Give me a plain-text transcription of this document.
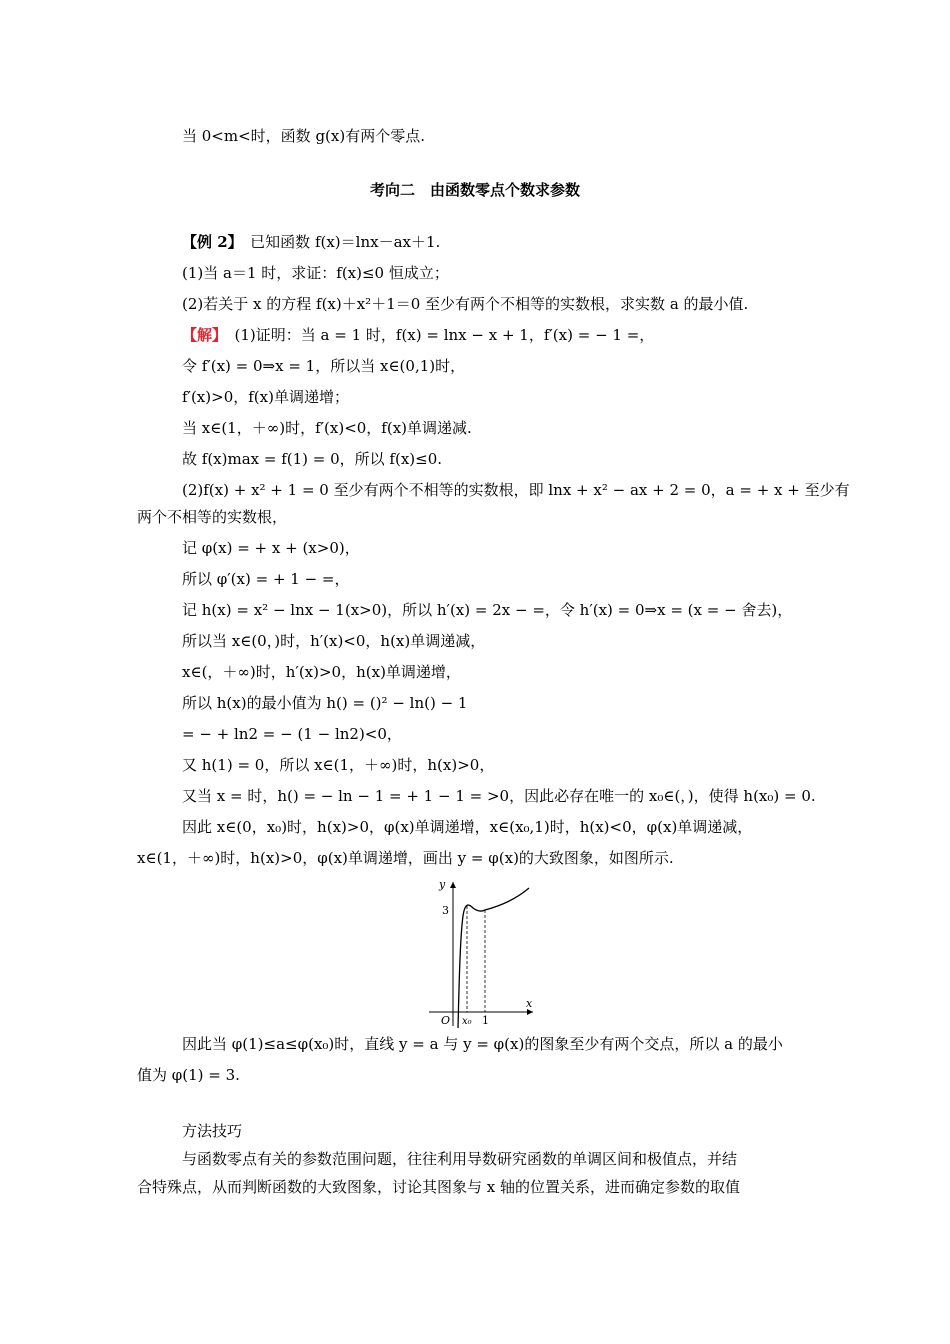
当 0<m<时，函数 g(x)有两个零点.
考向二　由函数零点个数求参数
【例 2】　已知函数 f(x)＝lnx－ax＋1.
(1)当 a＝1 时，求证：f(x)≤0 恒成立；
(2)若关于 x 的方程 f(x)＋x²＋1＝0 至少有两个不相等的实数根，求实数 a 的最小值.
【解】　(1)证明：当 a = 1 时，f(x) = lnx − x + 1，f′(x) = − 1 =，
令 f′(x) = 0⇒x = 1，所以当 x∈(0,1)时，
f′(x)>0，f(x)单调递增；
当 x∈(1，＋∞)时，f′(x)<0，f(x)单调递减.
故 f(x)max = f(1) = 0，所以 f(x)≤0.
(2)f(x) + x² + 1 = 0 至少有两个不相等的实数根，即 lnx + x² − ax + 2 = 0，a = + x + 至少有
两个不相等的实数根，
记 φ(x) = + x + (x>0)，
所以 φ′(x) = + 1 − =，
记 h(x) = x² − lnx − 1(x>0)，所以 h′(x) = 2x − =，令 h′(x) = 0⇒x = (x = − 舍去)，
所以当 x∈(0，)时，h′(x)<0，h(x)单调递减，
x∈(，＋∞)时，h′(x)>0，h(x)单调递增，
所以 h(x)的最小值为 h() = ()² − ln() − 1
= − + ln2 = − (1 − ln2)<0，
又 h(1) = 0，所以 x∈(1，＋∞)时，h(x)>0，
又当 x = 时，h() = − ln − 1 = + 1 − 1 = >0，因此必存在唯一的 x₀∈(，)，使得 h(x₀) = 0.
因此 x∈(0，x₀)时，h(x)>0，φ(x)单调递增，x∈(x₀,1)时，h(x)<0，φ(x)单调递减，
x∈(1，＋∞)时，h(x)>0，φ(x)单调递增，画出 y = φ(x)的大致图象，如图所示.
y
x
O
3
x₀ 1
因此当 φ(1)≤a≤φ(x₀)时，直线 y = a 与 y = φ(x)的图象至少有两个交点，所以 a 的最小
值为 φ(1) = 3.
方法技巧
与函数零点有关的参数范围问题，往往利用导数研究函数的单调区间和极值点，并结
合特殊点，从而判断函数的大致图象，讨论其图象与 x 轴的位置关系，进而确定参数的取值
